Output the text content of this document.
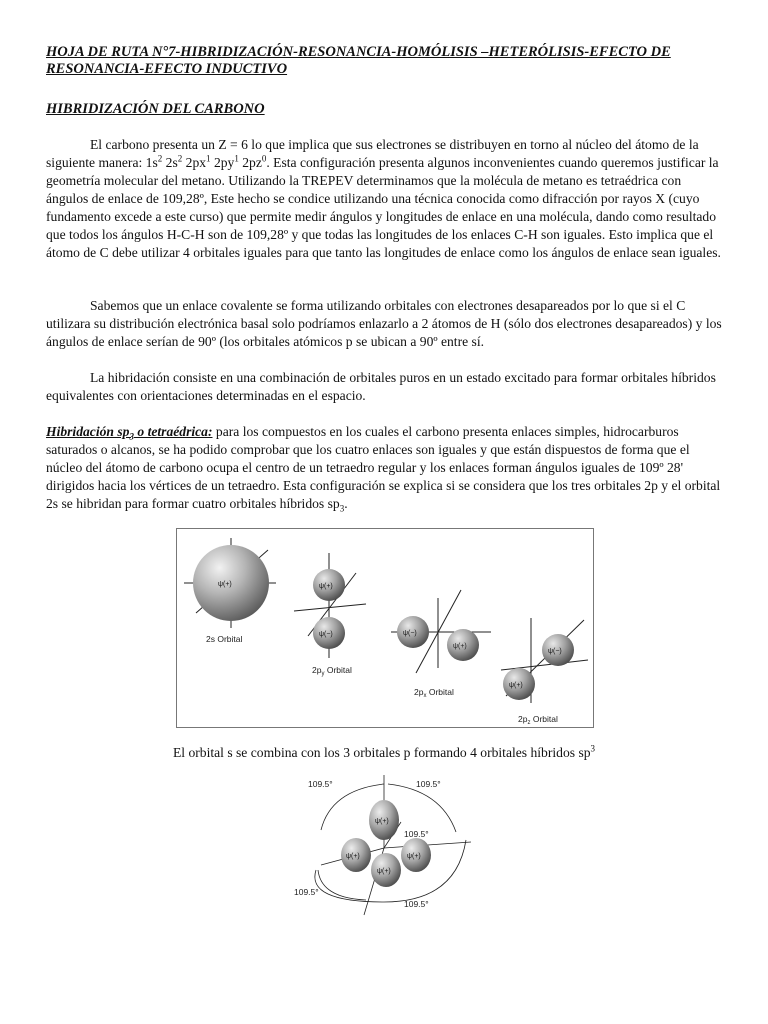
HOJA DE RUTA N°7-HIBRIDIZACIÓN-RESONANCIA-HOMÓLISIS –HETERÓLISIS-EFECTO DE RESONANCIA-EFECTO INDUCTIVO
HIBRIDIZACIÓN DEL CARBONO
El carbono presenta un Z = 6 lo que implica que sus electrones se distribuyen en torno al núcleo del átomo de la siguiente manera: $1s^2$ $2s^2$ $2px^1$ $2py^1$ $2pz^0$. Esta configuración presenta algunos inconvenientes cuando queremos justificar la geometría molecular del metano. Utilizando la TREPEV determinamos que la molécula de metano es tetraédrica con ángulos de enlace de 109,28º, Este hecho se condice utilizando una técnica conocida como difracción por rayos X (cuyo fundamento excede a este curso) que permite medir ángulos y longitudes de enlace en una molécula, dando como resultado que todos los ángulos H-C-H son de 109,28º y que todas las longitudes de los enlaces C-H son iguales. Esto implica que el átomo de C debe utilizar 4 orbitales iguales para que tanto las longitudes de enlace como los ángulos de enlace sean iguales.
Sabemos que un enlace covalente se forma utilizando orbitales con electrones desapareados por lo que si el C utilizara su distribución electrónica basal solo podríamos enlazarlo a 2 átomos de H (sólo dos electrones desapareados) y los ángulos de enlace serían de 90º (los orbitales atómicos p se ubican a 90º entre sí.
La hibridación consiste en una combinación de orbitales puros en un estado excitado para formar orbitales híbridos equivalentes con orientaciones determinadas en el espacio.
Hibridación $sp_3$ o tetraédrica: para los compuestos en los cuales el carbono presenta enlaces simples, hidrocarburos saturados o alcanos, se ha podido comprobar que los cuatro enlaces son iguales y que están dispuestos de forma que el núcleo del átomo de carbono ocupa el centro de un tetraedro regular y los enlaces forman ángulos iguales de 109º 28' dirigidos hacia los vértices de un tetraedro. Esta configuración se explica si se considera que los tres orbitales 2p y el orbital 2s se hibridan para formar cuatro orbitales híbridos $sp_3$.
ψ(+)
2s Orbital
ψ(+)
ψ(−)
$2p_y$ Orbital
ψ(−)
ψ(+)
$2p_x$ Orbital
ψ(−)
ψ(+)
$2p_z$ Orbital
El orbital s se combina con los 3 orbitales p formando 4 orbitales híbridos $sp^3$
ψ(+)
ψ(+)	ψ(+)
ψ(+)
109.5°	109.5°
109.5°
109.5°
109.5°
